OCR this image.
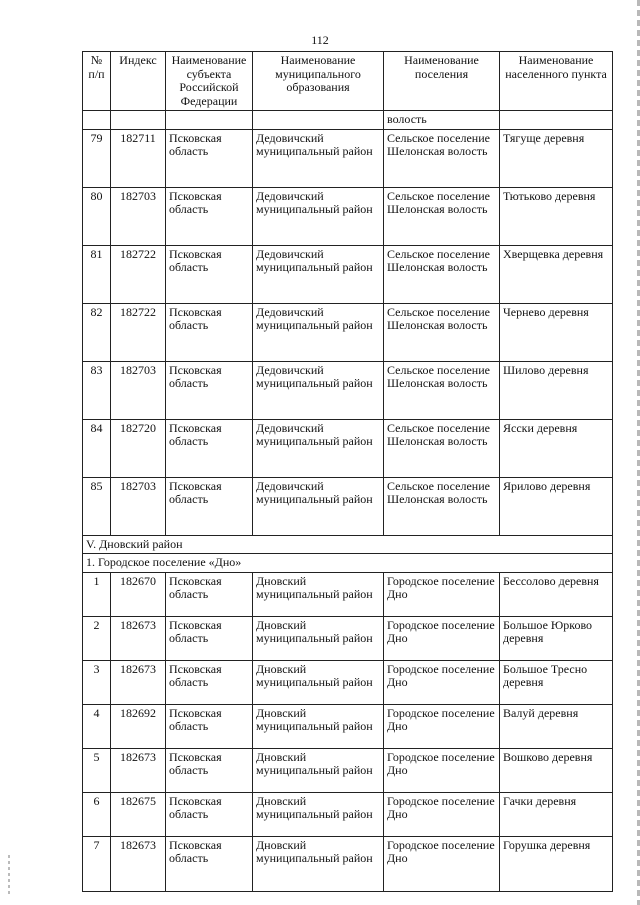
112
№ п/п	Индекс	Наименование субъекта Российской Федерации	Наименование муниципального образования	Наименование поселения	Наименование населенного пункта
				волость	
79	182711	Псковская область	Дедовичский муниципальный район	Сельское поселение Шелонская волость	Тягуще деревня
80	182703	Псковская область	Дедовичский муниципальный район	Сельское поселение Шелонская волость	Тютьково деревня
81	182722	Псковская область	Дедовичский муниципальный район	Сельское поселение Шелонская волость	Хверщевка деревня
82	182722	Псковская область	Дедовичский муниципальный район	Сельское поселение Шелонская волость	Чернево деревня
83	182703	Псковская область	Дедовичский муниципальный район	Сельское поселение Шелонская волость	Шилово деревня
84	182720	Псковская область	Дедовичский муниципальный район	Сельское поселение Шелонская волость	Ясски деревня
85	182703	Псковская область	Дедовичский муниципальный район	Сельское поселение Шелонская волость	Ярилово деревня
V. Дновский район					
1. Городское поселение «Дно»					
1	182670	Псковская область	Дновский муниципальный район	Городское поселение Дно	Бессолово деревня
2	182673	Псковская область	Дновский муниципальный район	Городское поселение Дно	Большое Юрково деревня
3	182673	Псковская область	Дновский муниципальный район	Городское поселение Дно	Большое Тресно деревня
4	182692	Псковская область	Дновский муниципальный район	Городское поселение Дно	Валуй деревня
5	182673	Псковская область	Дновский муниципальный район	Городское поселение Дно	Вошково деревня
6	182675	Псковская область	Дновский муниципальный район	Городское поселение Дно	Гачки деревня
7	182673	Псковская область	Дновский муниципальный район	Городское поселение Дно	Горушка деревня
